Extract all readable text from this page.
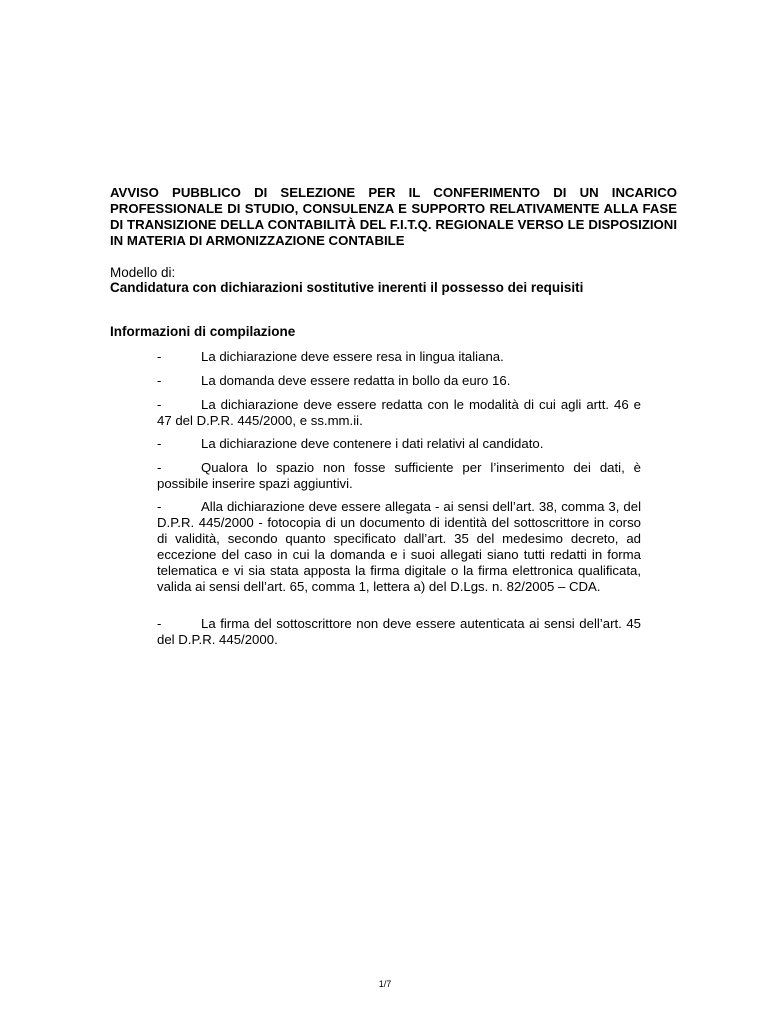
AVVISO PUBBLICO DI SELEZIONE PER IL CONFERIMENTO DI UN INCARICO PROFESSIONALE DI STUDIO, CONSULENZA E SUPPORTO RELATIVAMENTE ALLA FASE DI TRANSIZIONE DELLA CONTABILITÀ DEL F.I.T.Q. REGIONALE VERSO LE DISPOSIZIONI IN MATERIA DI ARMONIZZAZIONE CONTABILE

Modello di:

Candidatura con dichiarazioni sostitutive inerenti il possesso dei requisiti

Informazioni di compilazione

-	La dichiarazione deve essere resa in lingua italiana.

-	La domanda deve essere redatta in bollo da euro 16.

-	La dichiarazione deve essere redatta con le modalità di cui agli artt. 46 e 47 del D.P.R. 445/2000, e ss.mm.ii.

-	La dichiarazione deve contenere i dati relativi al candidato.

-	Qualora lo spazio non fosse sufficiente per l’inserimento dei dati, è possibile inserire spazi aggiuntivi.

-	Alla dichiarazione deve essere allegata - ai sensi dell’art. 38, comma 3, del D.P.R. 445/2000 - fotocopia di un documento di identità del sottoscrittore in corso di validità, secondo quanto specificato dall’art. 35 del medesimo decreto, ad eccezione del caso in cui la domanda e i suoi allegati siano tutti redatti in forma telematica e vi sia stata apposta la firma digitale o la firma elettronica qualificata, valida ai sensi dell’art. 65, comma 1, lettera a) del D.Lgs. n. 82/2005 – CDA.

-	La firma del sottoscrittore non deve essere autenticata ai sensi dell’art. 45 del D.P.R. 445/2000.

1/7
